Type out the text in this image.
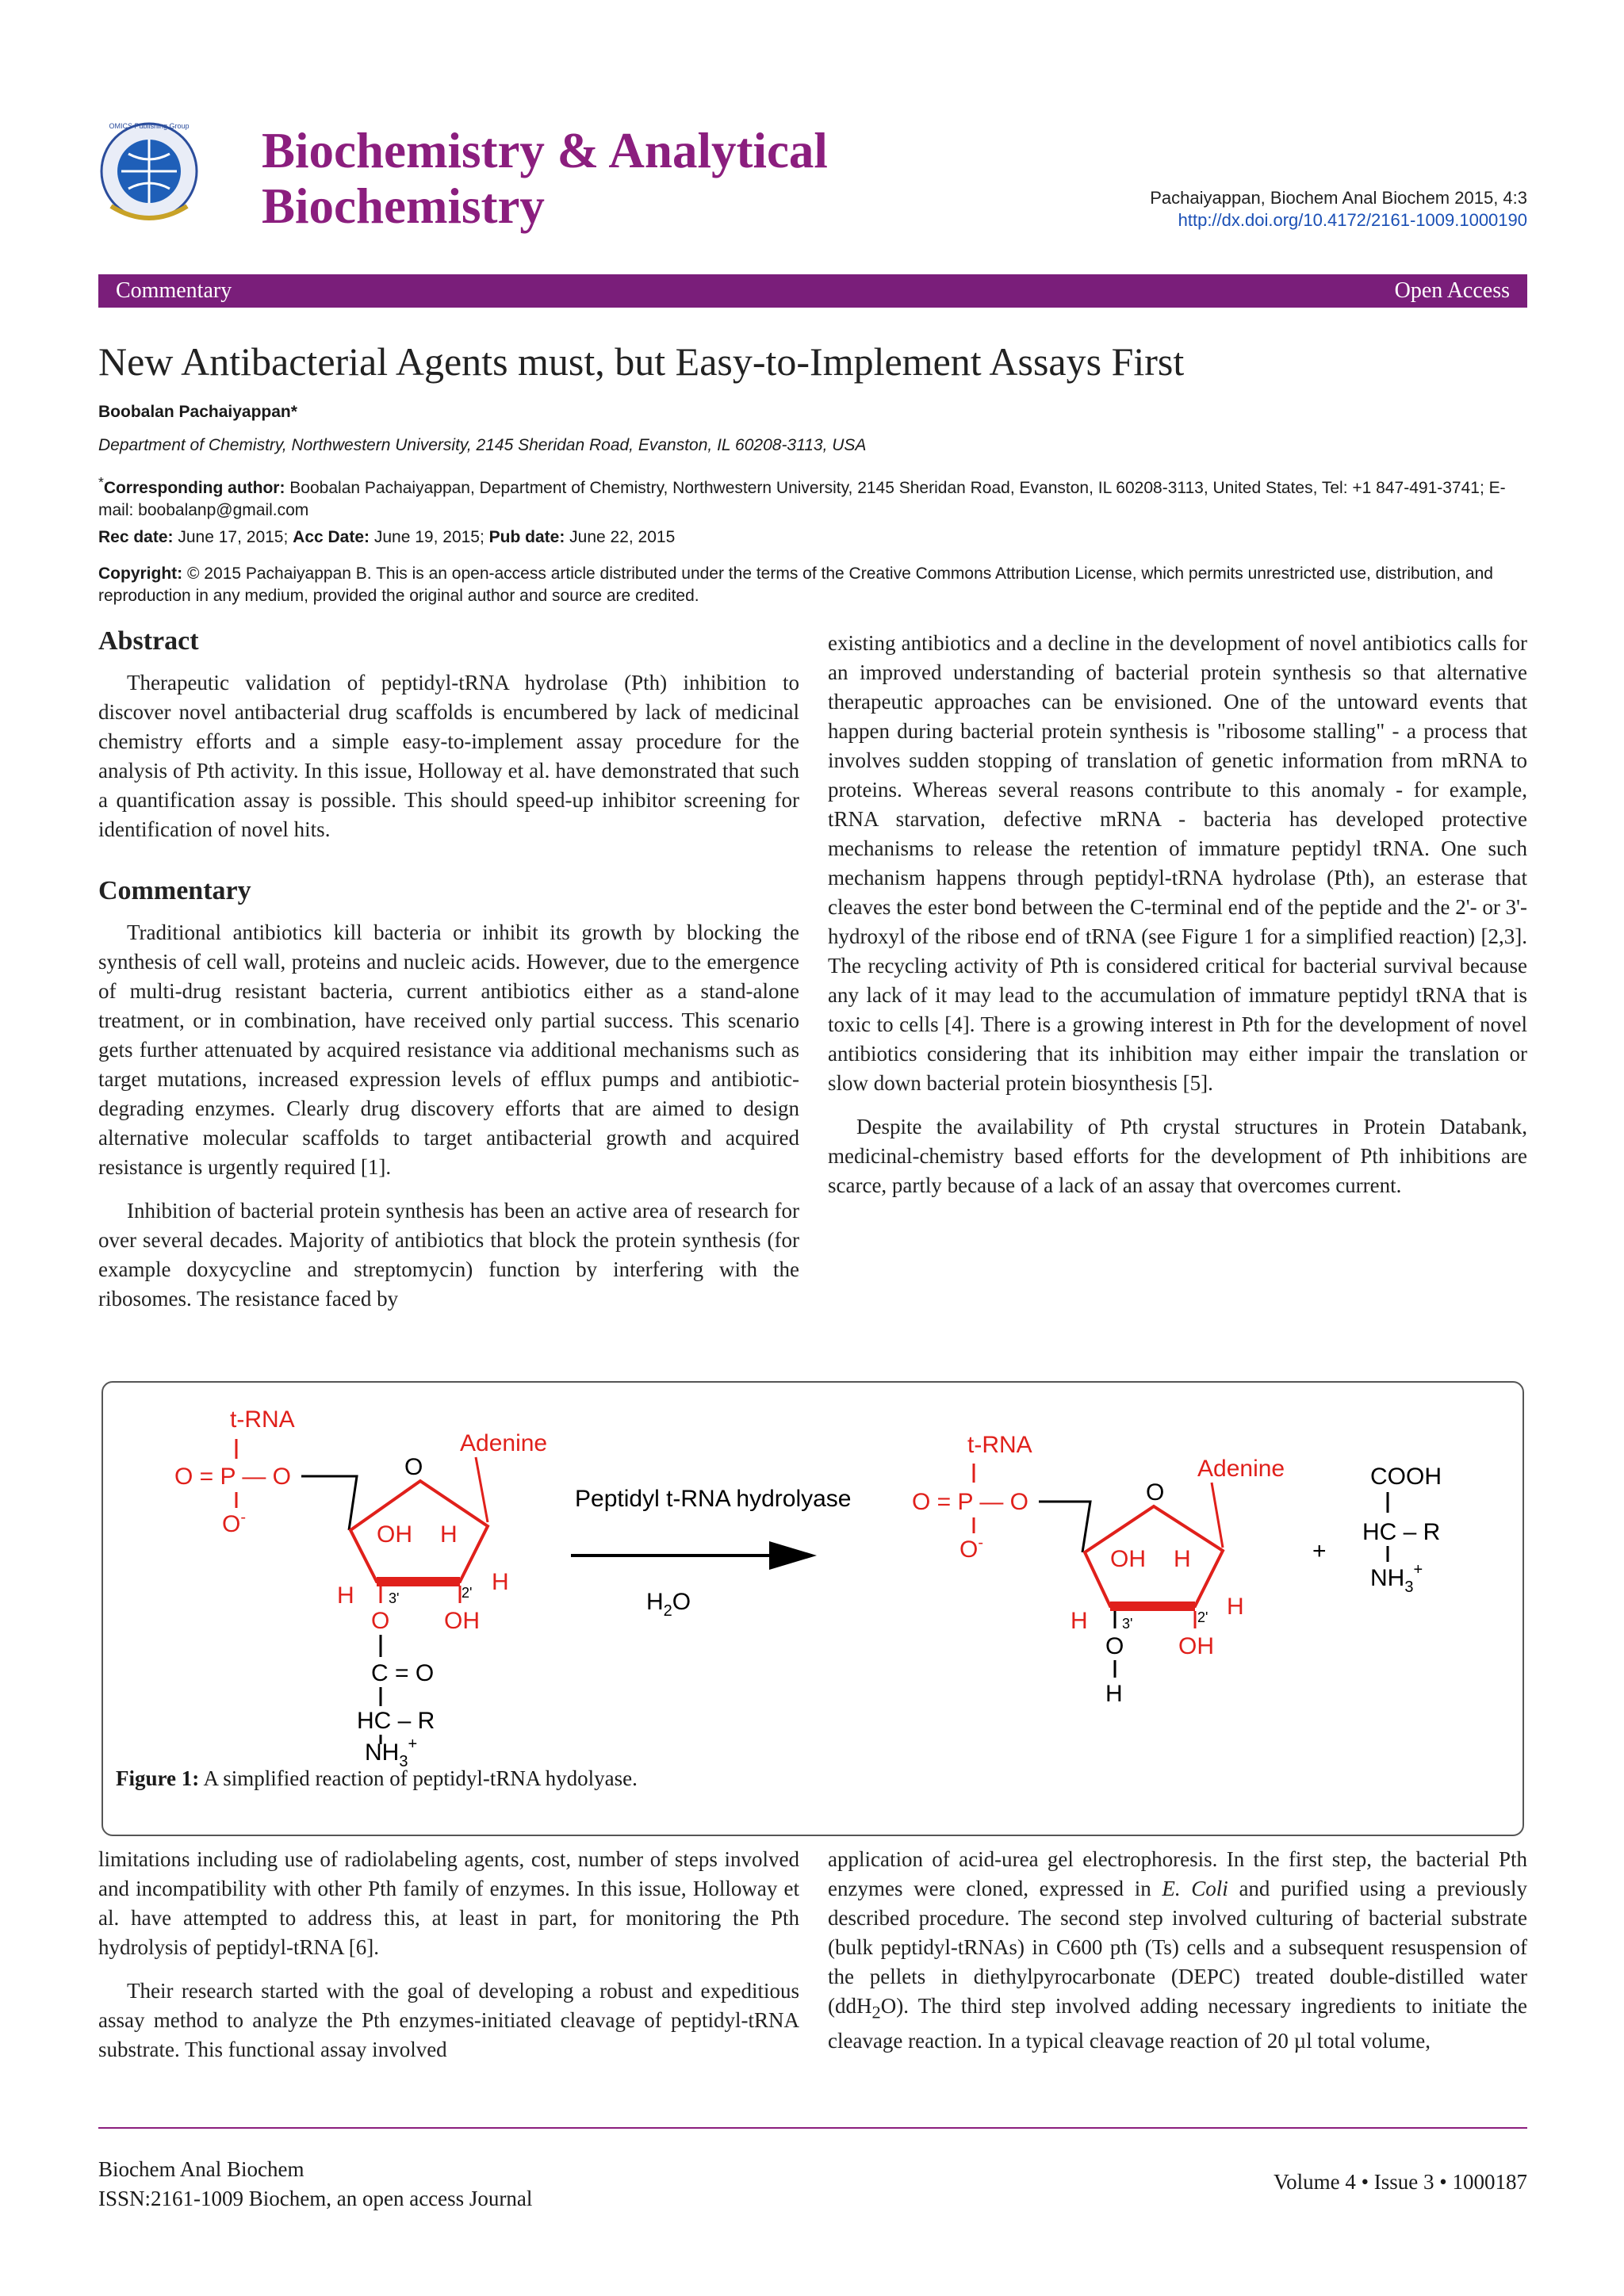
OMICS Publishing Group Biochemistry & Analytical
Biochemistry	Pachaiyappan, Biochem Anal Biochem 2015, 4:3
http://dx.doi.org/10.4172/2161-1009.1000190
Commentary	Open Access
New Antibacterial Agents must, but Easy-to-Implement Assays First
Boobalan Pachaiyappan*
Department of Chemistry, Northwestern University, 2145 Sheridan Road, Evanston, IL 60208-3113, USA
*Corresponding author: Boobalan Pachaiyappan, Department of Chemistry, Northwestern University, 2145 Sheridan Road, Evanston, IL 60208-3113, United States, Tel: +1 847-491-3741; E-mail: boobalanp@gmail.com
Rec date: June 17, 2015; Acc Date: June 19, 2015; Pub date: June 22, 2015
Copyright: © 2015 Pachaiyappan B. This is an open-access article distributed under the terms of the Creative Commons Attribution License, which permits unrestricted use, distribution, and reproduction in any medium, provided the original author and source are credited.
Abstract

Therapeutic validation of peptidyl-tRNA hydrolase (Pth) inhibition to discover novel antibacterial drug scaffolds is encumbered by lack of medicinal chemistry efforts and a simple easy-to-implement assay procedure for the analysis of Pth activity. In this issue, Holloway et al. have demonstrated that such a quantification assay is possible. This should speed-up inhibitor screening for identification of novel hits.

Commentary

Traditional antibiotics kill bacteria or inhibit its growth by blocking the synthesis of cell wall, proteins and nucleic acids. However, due to the emergence of multi-drug resistant bacteria, current antibiotics either as a stand-alone treatment, or in combination, have received only partial success. This scenario gets further attenuated by acquired resistance via additional mechanisms such as target mutations, increased expression levels of efflux pumps and antibiotic-degrading enzymes. Clearly drug discovery efforts that are aimed to design alternative molecular scaffolds to target antibacterial growth and acquired resistance is urgently required [1].

Inhibition of bacterial protein synthesis has been an active area of research for over several decades. Majority of antibiotics that block the protein synthesis (for example doxycycline and streptomycin) function by interfering with the ribosomes. The resistance faced by

existing antibiotics and a decline in the development of novel antibiotics calls for an improved understanding of bacterial protein synthesis so that alternative therapeutic approaches can be envisioned. One of the untoward events that happen during bacterial protein synthesis is "ribosome stalling" - a process that involves sudden stopping of translation of genetic information from mRNA to proteins. Whereas several reasons contribute to this anomaly - for example, tRNA starvation, defective mRNA - bacteria has developed protective mechanisms to release the retention of immature peptidyl tRNA. One such mechanism happens through peptidyl-tRNA hydrolase (Pth), an esterase that cleaves the ester bond between the C-terminal end of the peptide and the 2'- or 3'- hydroxyl of the ribose end of tRNA (see Figure 1 for a simplified reaction) [2,3]. The recycling activity of Pth is considered critical for bacterial survival because any lack of it may lead to the accumulation of immature peptidyl tRNA that is toxic to cells [4]. There is a growing interest in Pth for the development of novel antibiotics considering that its inhibition may either impair the translation or slow down bacterial protein biosynthesis [5].

Despite the availability of Pth crystal structures in Protein Databank, medicinal-chemistry based efforts for the development of Pth inhibitions are scarce, partly because of a lack of an assay that overcomes current.

t-RNA
O = P — O
O-
O
Adenine
OH H
H
H
3'	2'
O OH
C = O
HC – R
$NH_3^+$
Peptidyl t-RNA hydrolyase
$H_2O$
t-RNA
O = P — O
O-
O
Adenine
OH H
H
H
3'	2'
O OH
H
+
COOH
HC – R
$NH_3^+$
Figure 1: A simplified reaction of peptidyl-tRNA hydolyase.

limitations including use of radiolabeling agents, cost, number of steps involved and incompatibility with other Pth family of enzymes. In this issue, Holloway et al. have attempted to address this, at least in part, for monitoring the Pth hydrolysis of peptidyl-tRNA [6].

Their research started with the goal of developing a robust and expeditious assay method to analyze the Pth enzymes-initiated cleavage of peptidyl-tRNA substrate. This functional assay involved

application of acid-urea gel electrophoresis. In the first step, the bacterial Pth enzymes were cloned, expressed in E. Coli and purified using a previously described procedure. The second step involved culturing of bacterial substrate (bulk peptidyl-tRNAs) in C600 pth (Ts) cells and a subsequent resuspension of the pellets in diethylpyrocarbonate (DEPC) treated double-distilled water (ddH$_2$O). The third step involved adding necessary ingredients to initiate the cleavage reaction. In a typical cleavage reaction of 20 µl total volume,

Biochem Anal Biochem
ISSN:2161-1009 Biochem, an open access Journal
Volume 4 • Issue 3 • 1000187
